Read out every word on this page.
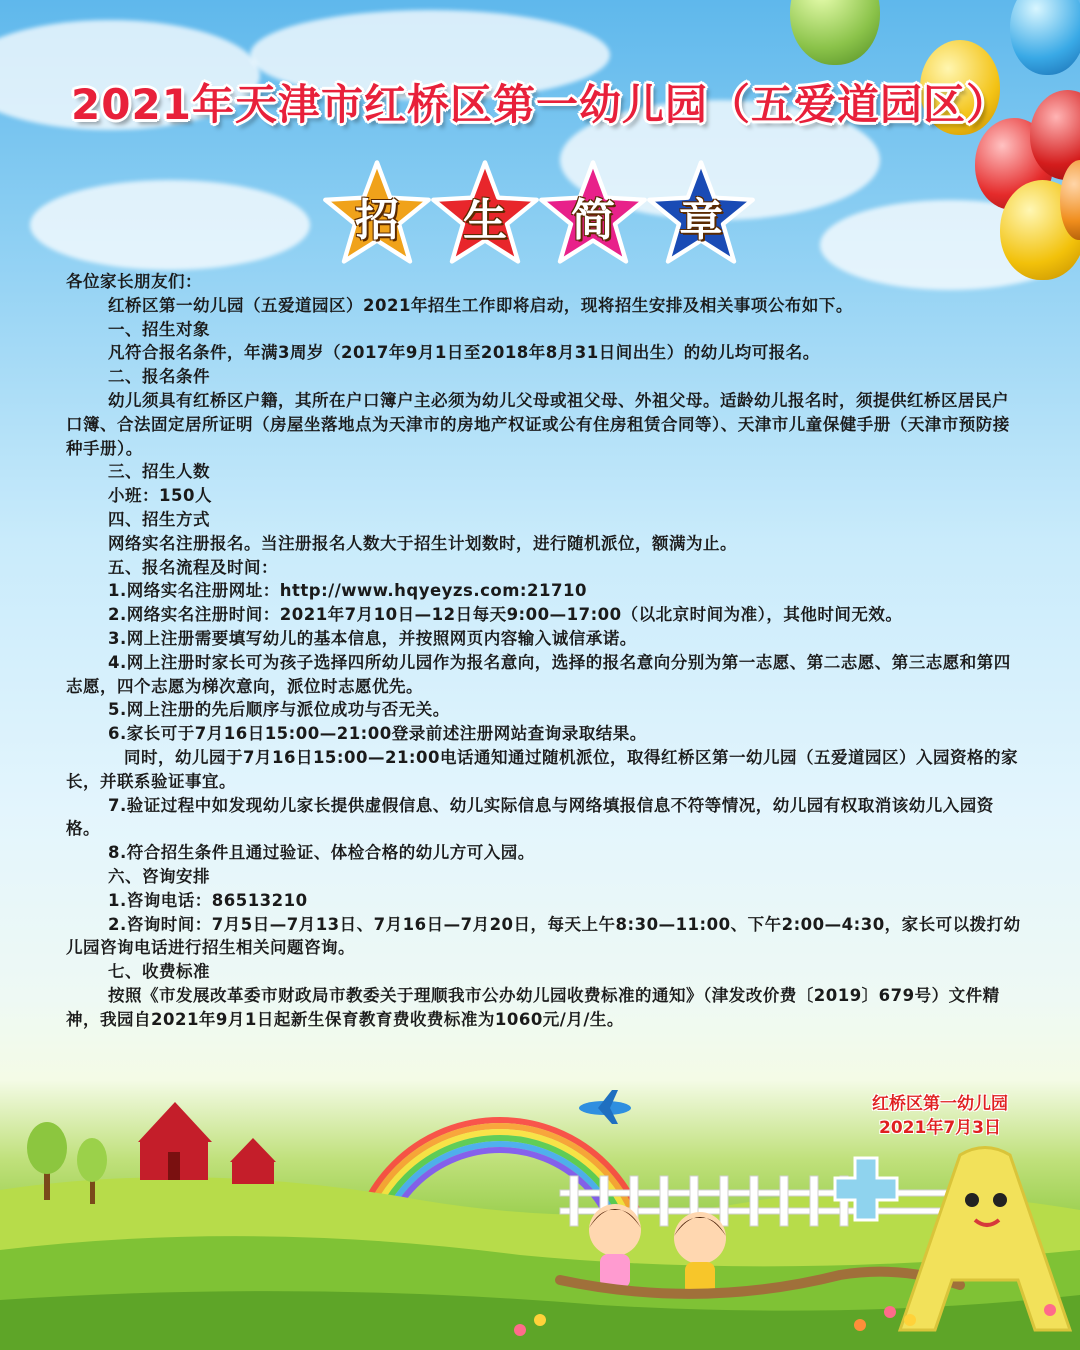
2021年天津市红桥区第一幼儿园（五爱道园区）
招	生	简	章

各位家长朋友们：

红桥区第一幼儿园（五爱道园区）2021年招生工作即将启动，现将招生安排及相关事项公布如下。

一、招生对象

凡符合报名条件，年满3周岁（2017年9月1日至2018年8月31日间出生）的幼儿均可报名。

二、报名条件

幼儿须具有红桥区户籍，其所在户口簿户主必须为幼儿父母或祖父母、外祖父母。适龄幼儿报名时，须提供红桥区居民户口簿、合法固定居所证明（房屋坐落地点为天津市的房地产权证或公有住房租赁合同等）、天津市儿童保健手册（天津市预防接种手册）。

三、招生人数

小班：150人

四、招生方式

网络实名注册报名。当注册报名人数大于招生计划数时，进行随机派位，额满为止。

五、报名流程及时间：

1.网络实名注册网址：http://www.hqyeyzs.com:21710

2.网络实名注册时间：2021年7月10日—12日每天9:00—17:00（以北京时间为准），其他时间无效。

3.网上注册需要填写幼儿的基本信息，并按照网页内容输入诚信承诺。

4.网上注册时家长可为孩子选择四所幼儿园作为报名意向，选择的报名意向分别为第一志愿、第二志愿、第三志愿和第四志愿，四个志愿为梯次意向，派位时志愿优先。

5.网上注册的先后顺序与派位成功与否无关。

6.家长可于7月16日15:00—21:00登录前述注册网站查询录取结果。

同时，幼儿园于7月16日15:00—21:00电话通知通过随机派位，取得红桥区第一幼儿园（五爱道园区）入园资格的家长，并联系验证事宜。

7.验证过程中如发现幼儿家长提供虚假信息、幼儿实际信息与网络填报信息不符等情况，幼儿园有权取消该幼儿入园资格。

8.符合招生条件且通过验证、体检合格的幼儿方可入园。

六、咨询安排

1.咨询电话：86513210

2.咨询时间：7月5日—7月13日、7月16日—7月20日，每天上午8:30—11:00、下午2:00—4:30，家长可以拨打幼儿园咨询电话进行招生相关问题咨询。

七、收费标准

按照《市发展改革委市财政局市教委关于理顺我市公办幼儿园收费标准的通知》（津发改价费〔2019〕679号）文件精神，我园自2021年9月1日起新生保育教育费收费标准为1060元/月/生。

红桥区第一幼儿园
2021年7月3日
